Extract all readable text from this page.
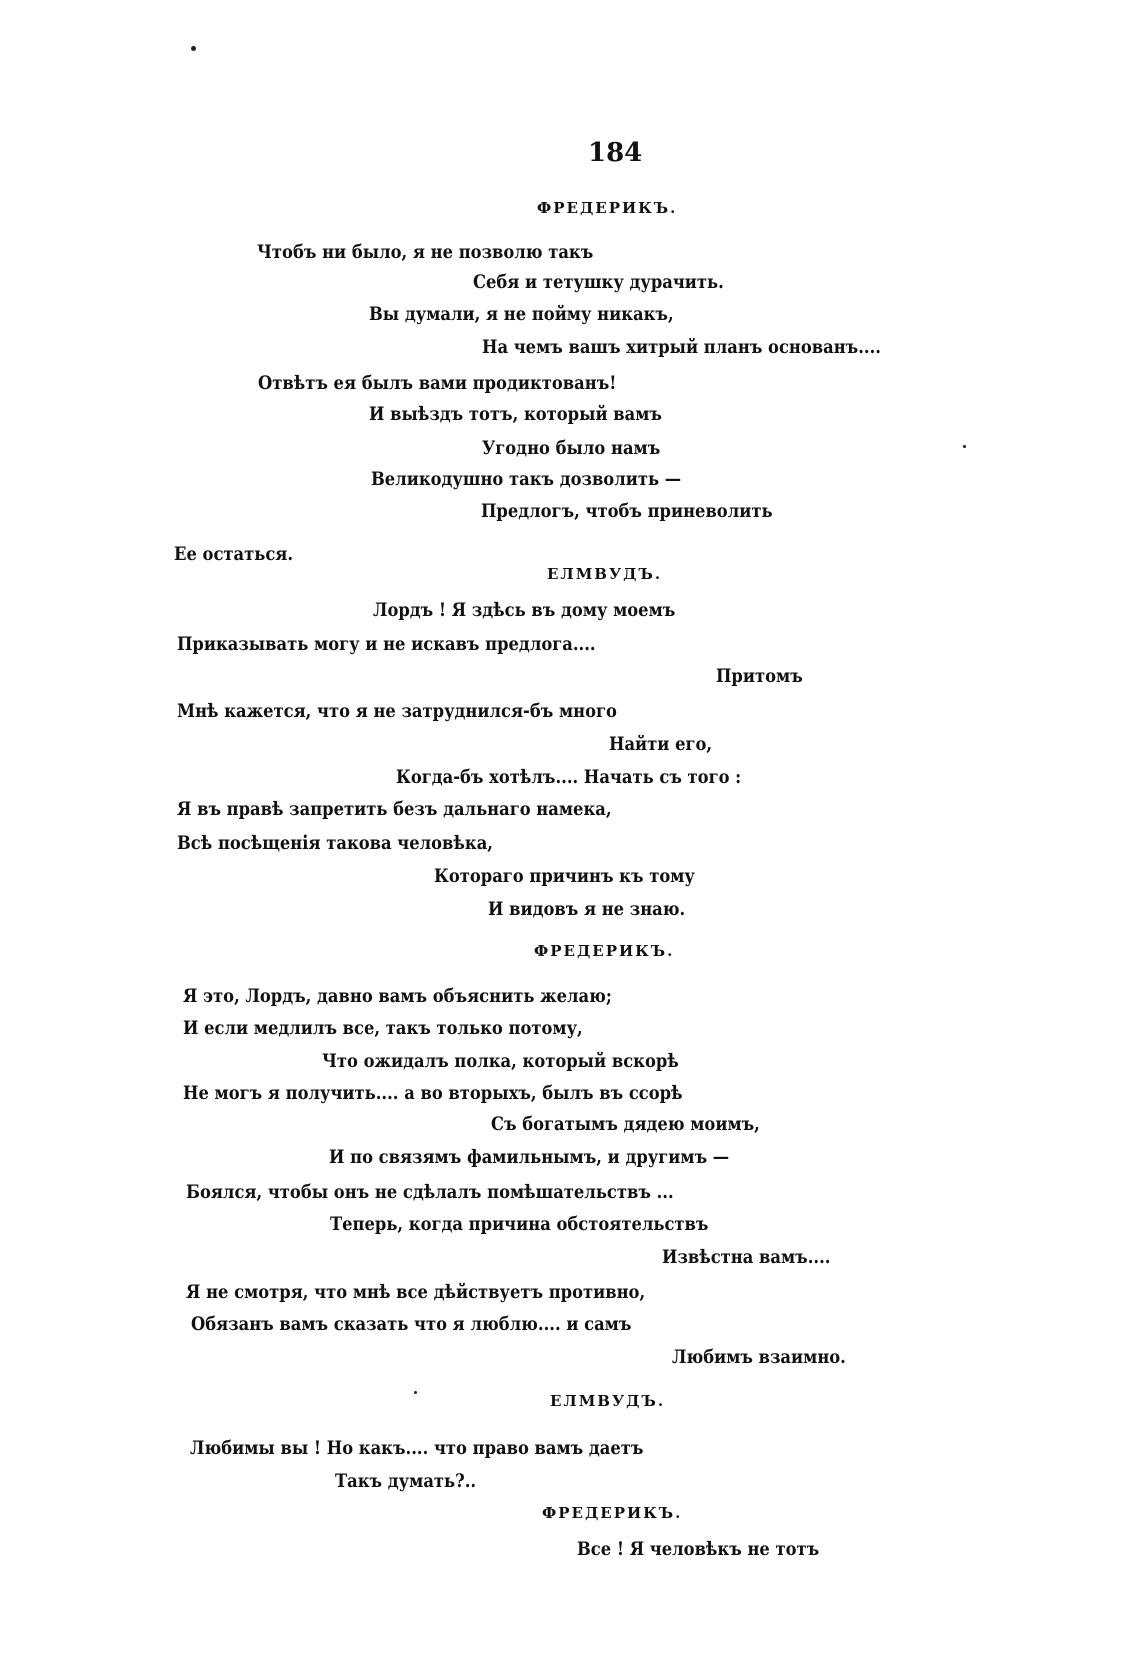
184
ФРЕДЕРИКЪ.
Чтобъ ни было, я не позволю такъ
Себя и тетушку дурачить.
Вы думали, я не пойму никакъ,
На чемъ вашъ хитрый планъ основанъ....
Отвѣтъ ея былъ вами продиктованъ!
И выѣздъ тотъ, который вамъ
Угодно было намъ
Великодушно такъ дозволить —
Предлогъ, чтобъ приневолить
Ее остаться.
ЕЛМВУДЪ.
Лордъ ! Я здѣсь въ дому моемъ
Приказывать могу и не искавъ предлога....
Притомъ
Мнѣ кажется, что я не затруднился-бъ много
Найти его,
Когда-бъ хотѣлъ.... Начать съ того :
Я въ правѣ запретить безъ дальнаго намека,
Всѣ посѣщенія такова человѣка,
Котораго причинъ къ тому
И видовъ я не знаю.
ФРЕДЕРИКЪ.
Я это, Лордъ, давно вамъ объяснить желаю;
И если медлилъ все, такъ только потому,
Что ожидалъ полка, который вскорѣ
Не могъ я получить.... а во вторыхъ, былъ въ ссорѣ
Съ богатымъ дядею моимъ,
И по связямъ фамильнымъ, и другимъ —
Боялся, чтобы онъ не сдѣлалъ помѣшательствъ ...
Теперь, когда причина обстоятельствъ
Извѣстна вамъ....
Я не смотря, что мнѣ все дѣйствуетъ противно,
Обязанъ вамъ сказать что я люблю.... и самъ
Любимъ взаимно.
ЕЛМВУДЪ.
Любимы вы ! Но какъ.... что право вамъ даетъ
Такъ думать?..
ФРЕДЕРИКЪ.
Все ! Я человѣкъ не тотъ
